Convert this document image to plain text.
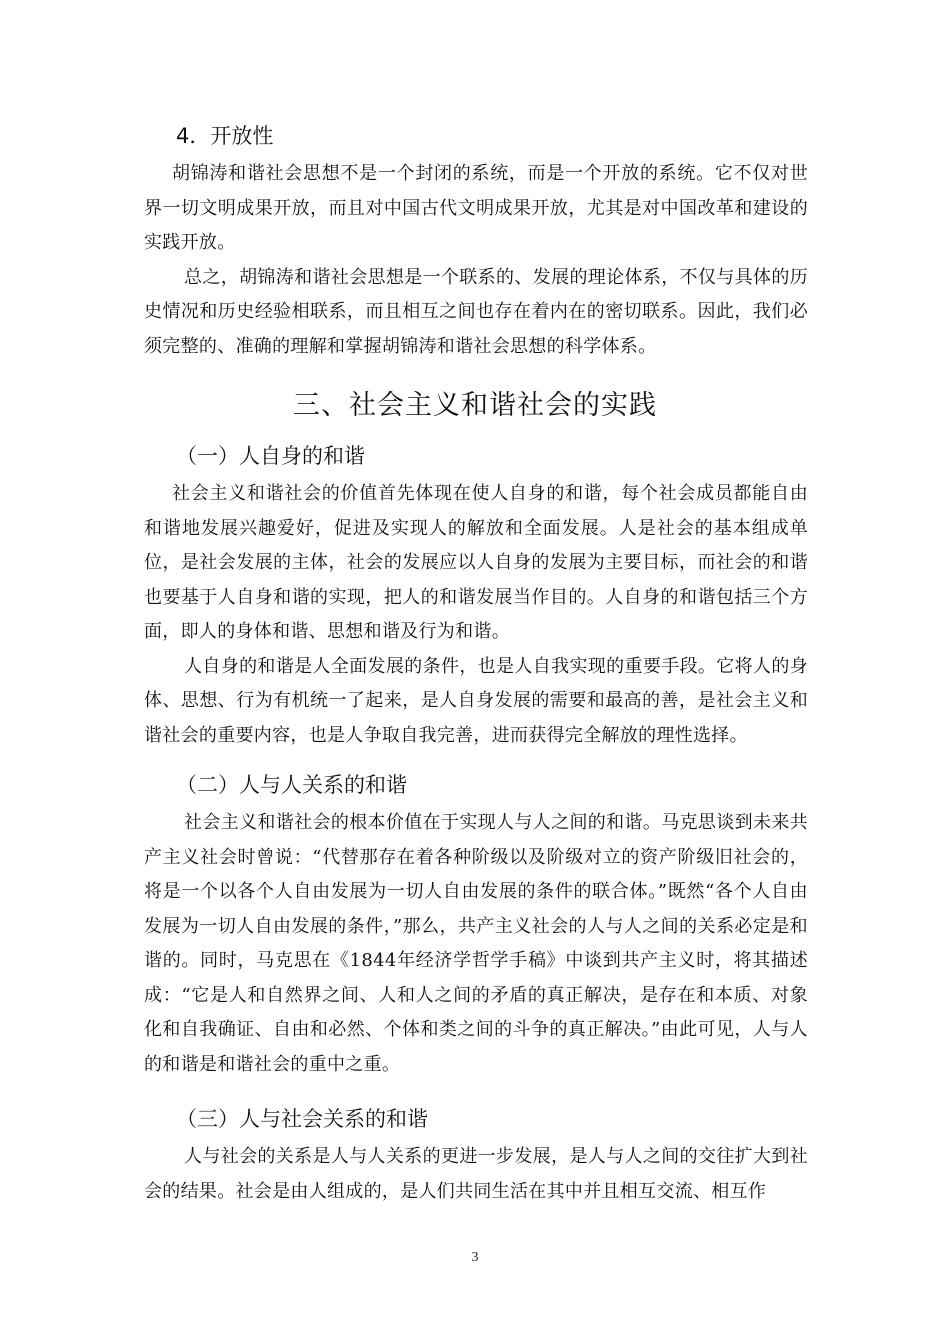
4．开放性

胡锦涛和谐社会思想不是一个封闭的系统，而是一个开放的系统。它不仅对世界一切文明成果开放，而且对中国古代文明成果开放，尤其是对中国改革和建设的实践开放。

总之，胡锦涛和谐社会思想是一个联系的、发展的理论体系，不仅与具体的历史情况和历史经验相联系，而且相互之间也存在着内在的密切联系。因此，我们必须完整的、准确的理解和掌握胡锦涛和谐社会思想的科学体系。

三、社会主义和谐社会的实践
（一）人自身的和谐

社会主义和谐社会的价值首先体现在使人自身的和谐，每个社会成员都能自由和谐地发展兴趣爱好，促进及实现人的解放和全面发展。人是社会的基本组成单位，是社会发展的主体，社会的发展应以人自身的发展为主要目标，而社会的和谐也要基于人自身和谐的实现，把人的和谐发展当作目的。人自身的和谐包括三个方面，即人的身体和谐、思想和谐及行为和谐。

人自身的和谐是人全面发展的条件，也是人自我实现的重要手段。它将人的身体、思想、行为有机统一了起来，是人自身发展的需要和最高的善，是社会主义和谐社会的重要内容，也是人争取自我完善，进而获得完全解放的理性选择。

（二）人与人关系的和谐

社会主义和谐社会的根本价值在于实现人与人之间的和谐。马克思谈到未来共产主义社会时曾说：“代替那存在着各种阶级以及阶级对立的资产阶级旧社会的，将是一个以各个人自由发展为一切人自由发展的条件的联合体。”既然“各个人自由发展为一切人自由发展的条件，”那么，共产主义社会的人与人之间的关系必定是和谐的。同时，马克思在《1844年经济学哲学手稿》中谈到共产主义时，将其描述成：“它是人和自然界之间、人和人之间的矛盾的真正解决，是存在和本质、对象化和自我确证、自由和必然、个体和类之间的斗争的真正解决。”由此可见，人与人的和谐是和谐社会的重中之重。

（三）人与社会关系的和谐

人与社会的关系是人与人关系的更进一步发展，是人与人之间的交往扩大到社会的结果。社会是由人组成的，是人们共同生活在其中并且相互交流、相互作

3
